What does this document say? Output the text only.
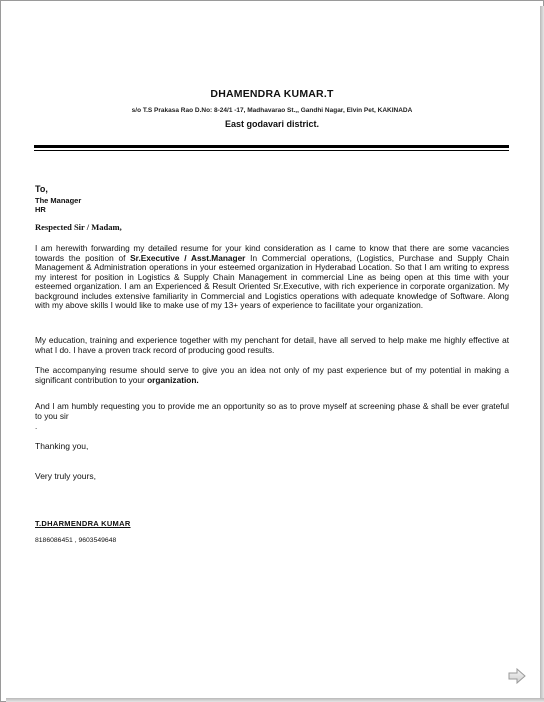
DHAMENDRA KUMAR.T
s/o T.S Prakasa Rao D.No: 8-24/1 -17, Madhavarao St.,, Gandhi Nagar, Elvin Pet, KAKINADA
East godavari district.
To,
The Manager
HR
Respected Sir / Madam,

I am herewith forwarding my detailed resume for your kind consideration as I came to know that there are some vacancies towards the position of Sr.Executive / Asst.Manager In Commercial operations, (Logistics, Purchase and Supply Chain Management & Administration operations in your esteemed organization in Hyderabad Location. So that I am writing to express my interest for position in Logistics & Supply Chain Management in commercial Line as being open at this time with your esteemed organization. I am an Experienced & Result Oriented Sr.Executive, with rich experience in corporate organization. My background includes extensive familiarity in Commercial and Logistics operations with adequate knowledge of Software. Along with my above skills I would like to make use of my 13+ years of experience to facilitate your organization.

My education, training and experience together with my penchant for detail, have all served to help make me highly effective at what I do. I have a proven track record of producing good results.

The accompanying resume should serve to give you an idea not only of my past experience but of my potential in making a significant contribution to your organization.

And I am humbly requesting you to provide me an opportunity so as to prove myself at screening phase & shall be ever grateful to you sir

.
Thanking you,
Very truly yours,
T.DHARMENDRA KUMAR
8186086451 , 9603549648
